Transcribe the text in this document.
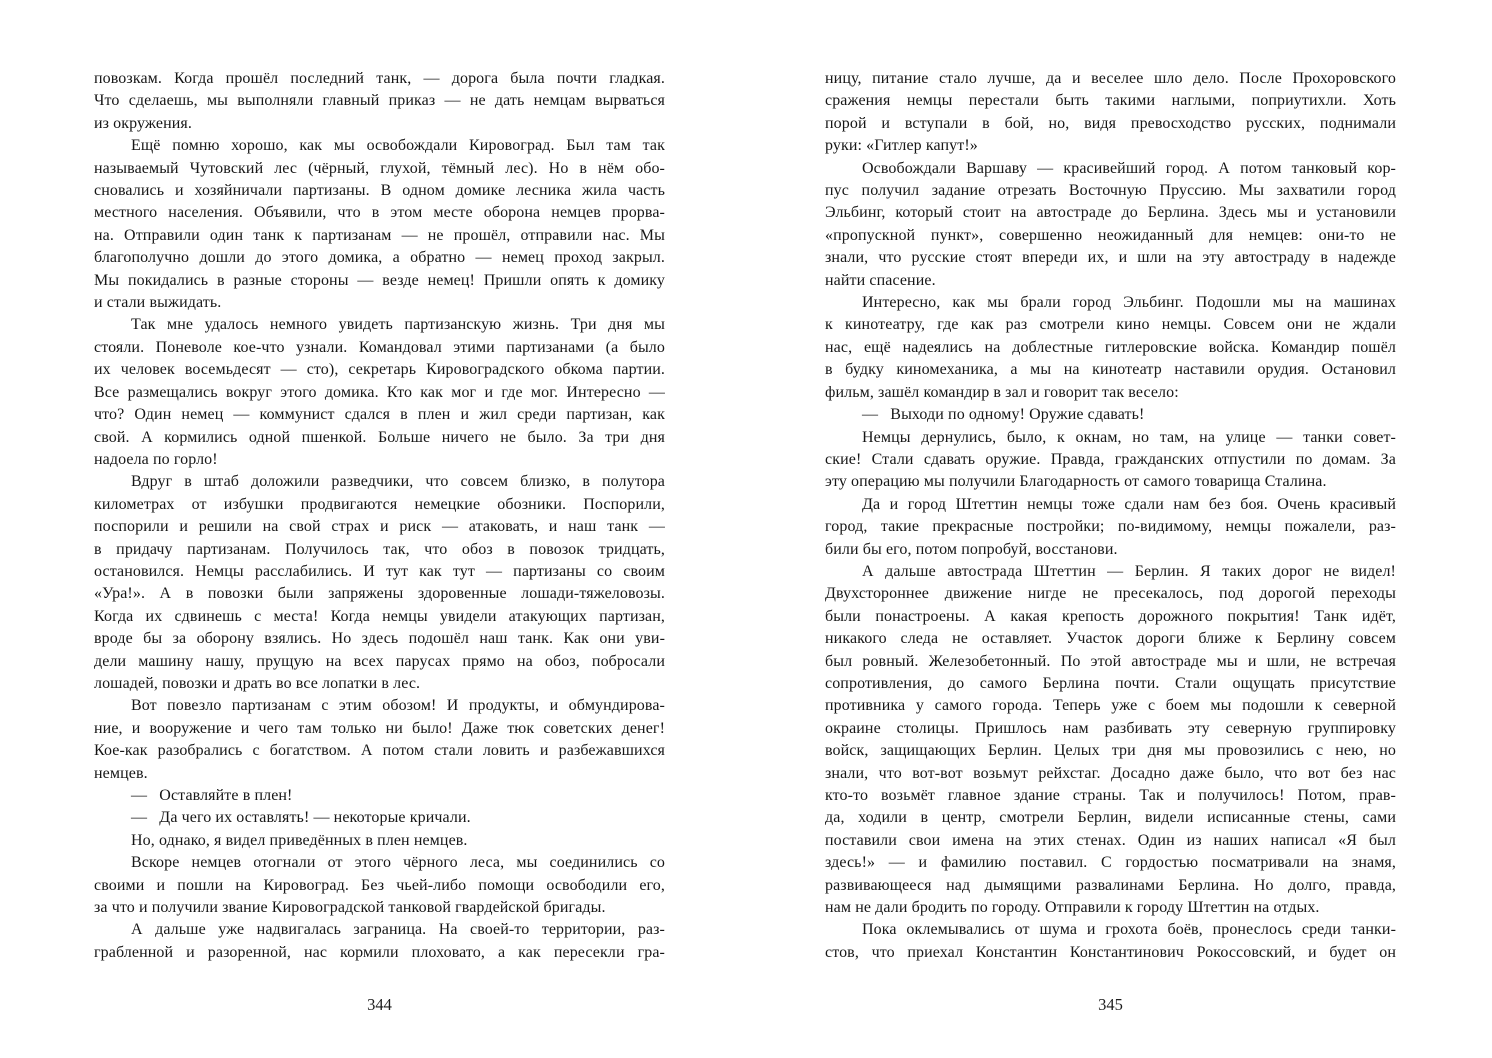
повозкам. Когда прошёл последний танк, — дорога была почти гладкая.
Что сделаешь, мы выполняли главный приказ — не дать немцам вырваться
из окружения.
Ещё помню хорошо, как мы освобождали Кировоград. Был там так
называемый Чутовский лес (чёрный, глухой, тёмный лес). Но в нём обо-
сновались и хозяйничали партизаны. В одном домике лесника жила часть
местного населения. Объявили, что в этом месте оборона немцев прорва-
на. Отправили один танк к партизанам — не прошёл, отправили нас. Мы
благополучно дошли до этого домика, а обратно — немец проход закрыл.
Мы покидались в разные стороны — везде немец! Пришли опять к домику
и стали выжидать.
Так мне удалось немного увидеть партизанскую жизнь. Три дня мы
стояли. Поневоле кое-что узнали. Командовал этими партизанами (а было
их человек восемьдесят — сто), секретарь Кировоградского обкома партии.
Все размещались вокруг этого домика. Кто как мог и где мог. Интересно —
что? Один немец — коммунист сдался в плен и жил среди партизан, как
свой. А кормились одной пшенкой. Больше ничего не было. За три дня
надоела по горло!
Вдруг в штаб доложили разведчики, что совсем близко, в полутора
километрах от избушки продвигаются немецкие обозники. Поспорили,
поспорили и решили на свой страх и риск — атаковать, и наш танк —
в придачу партизанам. Получилось так, что обоз в повозок тридцать,
остановился. Немцы расслабились. И тут как тут — партизаны со своим
«Ура!». А в повозки были запряжены здоровенные лошади-тяжеловозы.
Когда их сдвинешь с места! Когда немцы увидели атакующих партизан,
вроде бы за оборону взялись. Но здесь подошёл наш танк. Как они уви-
дели машину нашу, прущую на всех парусах прямо на обоз, побросали
лошадей, повозки и драть во все лопатки в лес.
Вот повезло партизанам с этим обозом! И продукты, и обмундирова-
ние, и вооружение и чего там только ни было! Даже тюк советских денег!
Кое-как разобрались с богатством. А потом стали ловить и разбежавшихся
немцев.
—  Оставляйте в плен!
—  Да чего их оставлять! — некоторые кричали.
Но, однако, я видел приведённых в плен немцев.
Вскоре немцев отогнали от этого чёрного леса, мы соединились со
своими и пошли на Кировоград. Без чьей-либо помощи освободили его,
за что и получили звание Кировоградской танковой гвардейской бригады.
А дальше уже надвигалась заграница. На своей-то территории, раз-
грабленной и разоренной, нас кормили плоховато, а как пересекли гра-
344
ницу, питание стало лучше, да и веселее шло дело. После Прохоровского
сражения немцы перестали быть такими наглыми, поприутихли. Хоть
порой и вступали в бой, но, видя превосходство русских, поднимали
руки: «Гитлер капут!»
Освобождали Варшаву — красивейший город. А потом танковый кор-
пус получил задание отрезать Восточную Пруссию. Мы захватили город
Эльбинг, который стоит на автостраде до Берлина. Здесь мы и установили
«пропускной пункт», совершенно неожиданный для немцев: они-то не
знали, что русские стоят впереди их, и шли на эту автостраду в надежде
найти спасение.
Интересно, как мы брали город Эльбинг. Подошли мы на машинах
к кинотеатру, где как раз смотрели кино немцы. Совсем они не ждали
нас, ещё надеялись на доблестные гитлеровские войска. Командир пошёл
в будку киномеханика, а мы на кинотеатр наставили орудия. Остановил
фильм, зашёл командир в зал и говорит так весело:
—  Выходи по одному! Оружие сдавать!
Немцы дернулись, было, к окнам, но там, на улице — танки совет-
ские! Стали сдавать оружие. Правда, гражданских отпустили по домам. За
эту операцию мы получили Благодарность от самого товарища Сталина.
Да и город Штеттин немцы тоже сдали нам без боя. Очень красивый
город, такие прекрасные постройки; по-видимому, немцы пожалели, раз-
били бы его, потом попробуй, восстанови.
А дальше автострада Штеттин — Берлин. Я таких дорог не видел!
Двухстороннее движение нигде не пресекалось, под дорогой переходы
были понастроены. А какая крепость дорожного покрытия! Танк идёт,
никакого следа не оставляет. Участок дороги ближе к Берлину совсем
был ровный. Железобетонный. По этой автостраде мы и шли, не встречая
сопротивления, до самого Берлина почти. Стали ощущать присутствие
противника у самого города. Теперь уже с боем мы подошли к северной
окраине столицы. Пришлось нам разбивать эту северную группировку
войск, защищающих Берлин. Целых три дня мы провозились с нею, но
знали, что вот-вот возьмут рейхстаг. Досадно даже было, что вот без нас
кто-то возьмёт главное здание страны. Так и получилось! Потом, прав-
да, ходили в центр, смотрели Берлин, видели исписанные стены, сами
поставили свои имена на этих стенах. Один из наших написал «Я был
здесь!» — и фамилию поставил. С гордостью посматривали на знамя,
развивающееся над дымящими развалинами Берлина. Но долго, правда,
нам не дали бродить по городу. Отправили к городу Штеттин на отдых.
Пока оклемывались от шума и грохота боёв, пронеслось среди танки-
стов, что приехал Константин Константинович Рокоссовский, и будет он
345
